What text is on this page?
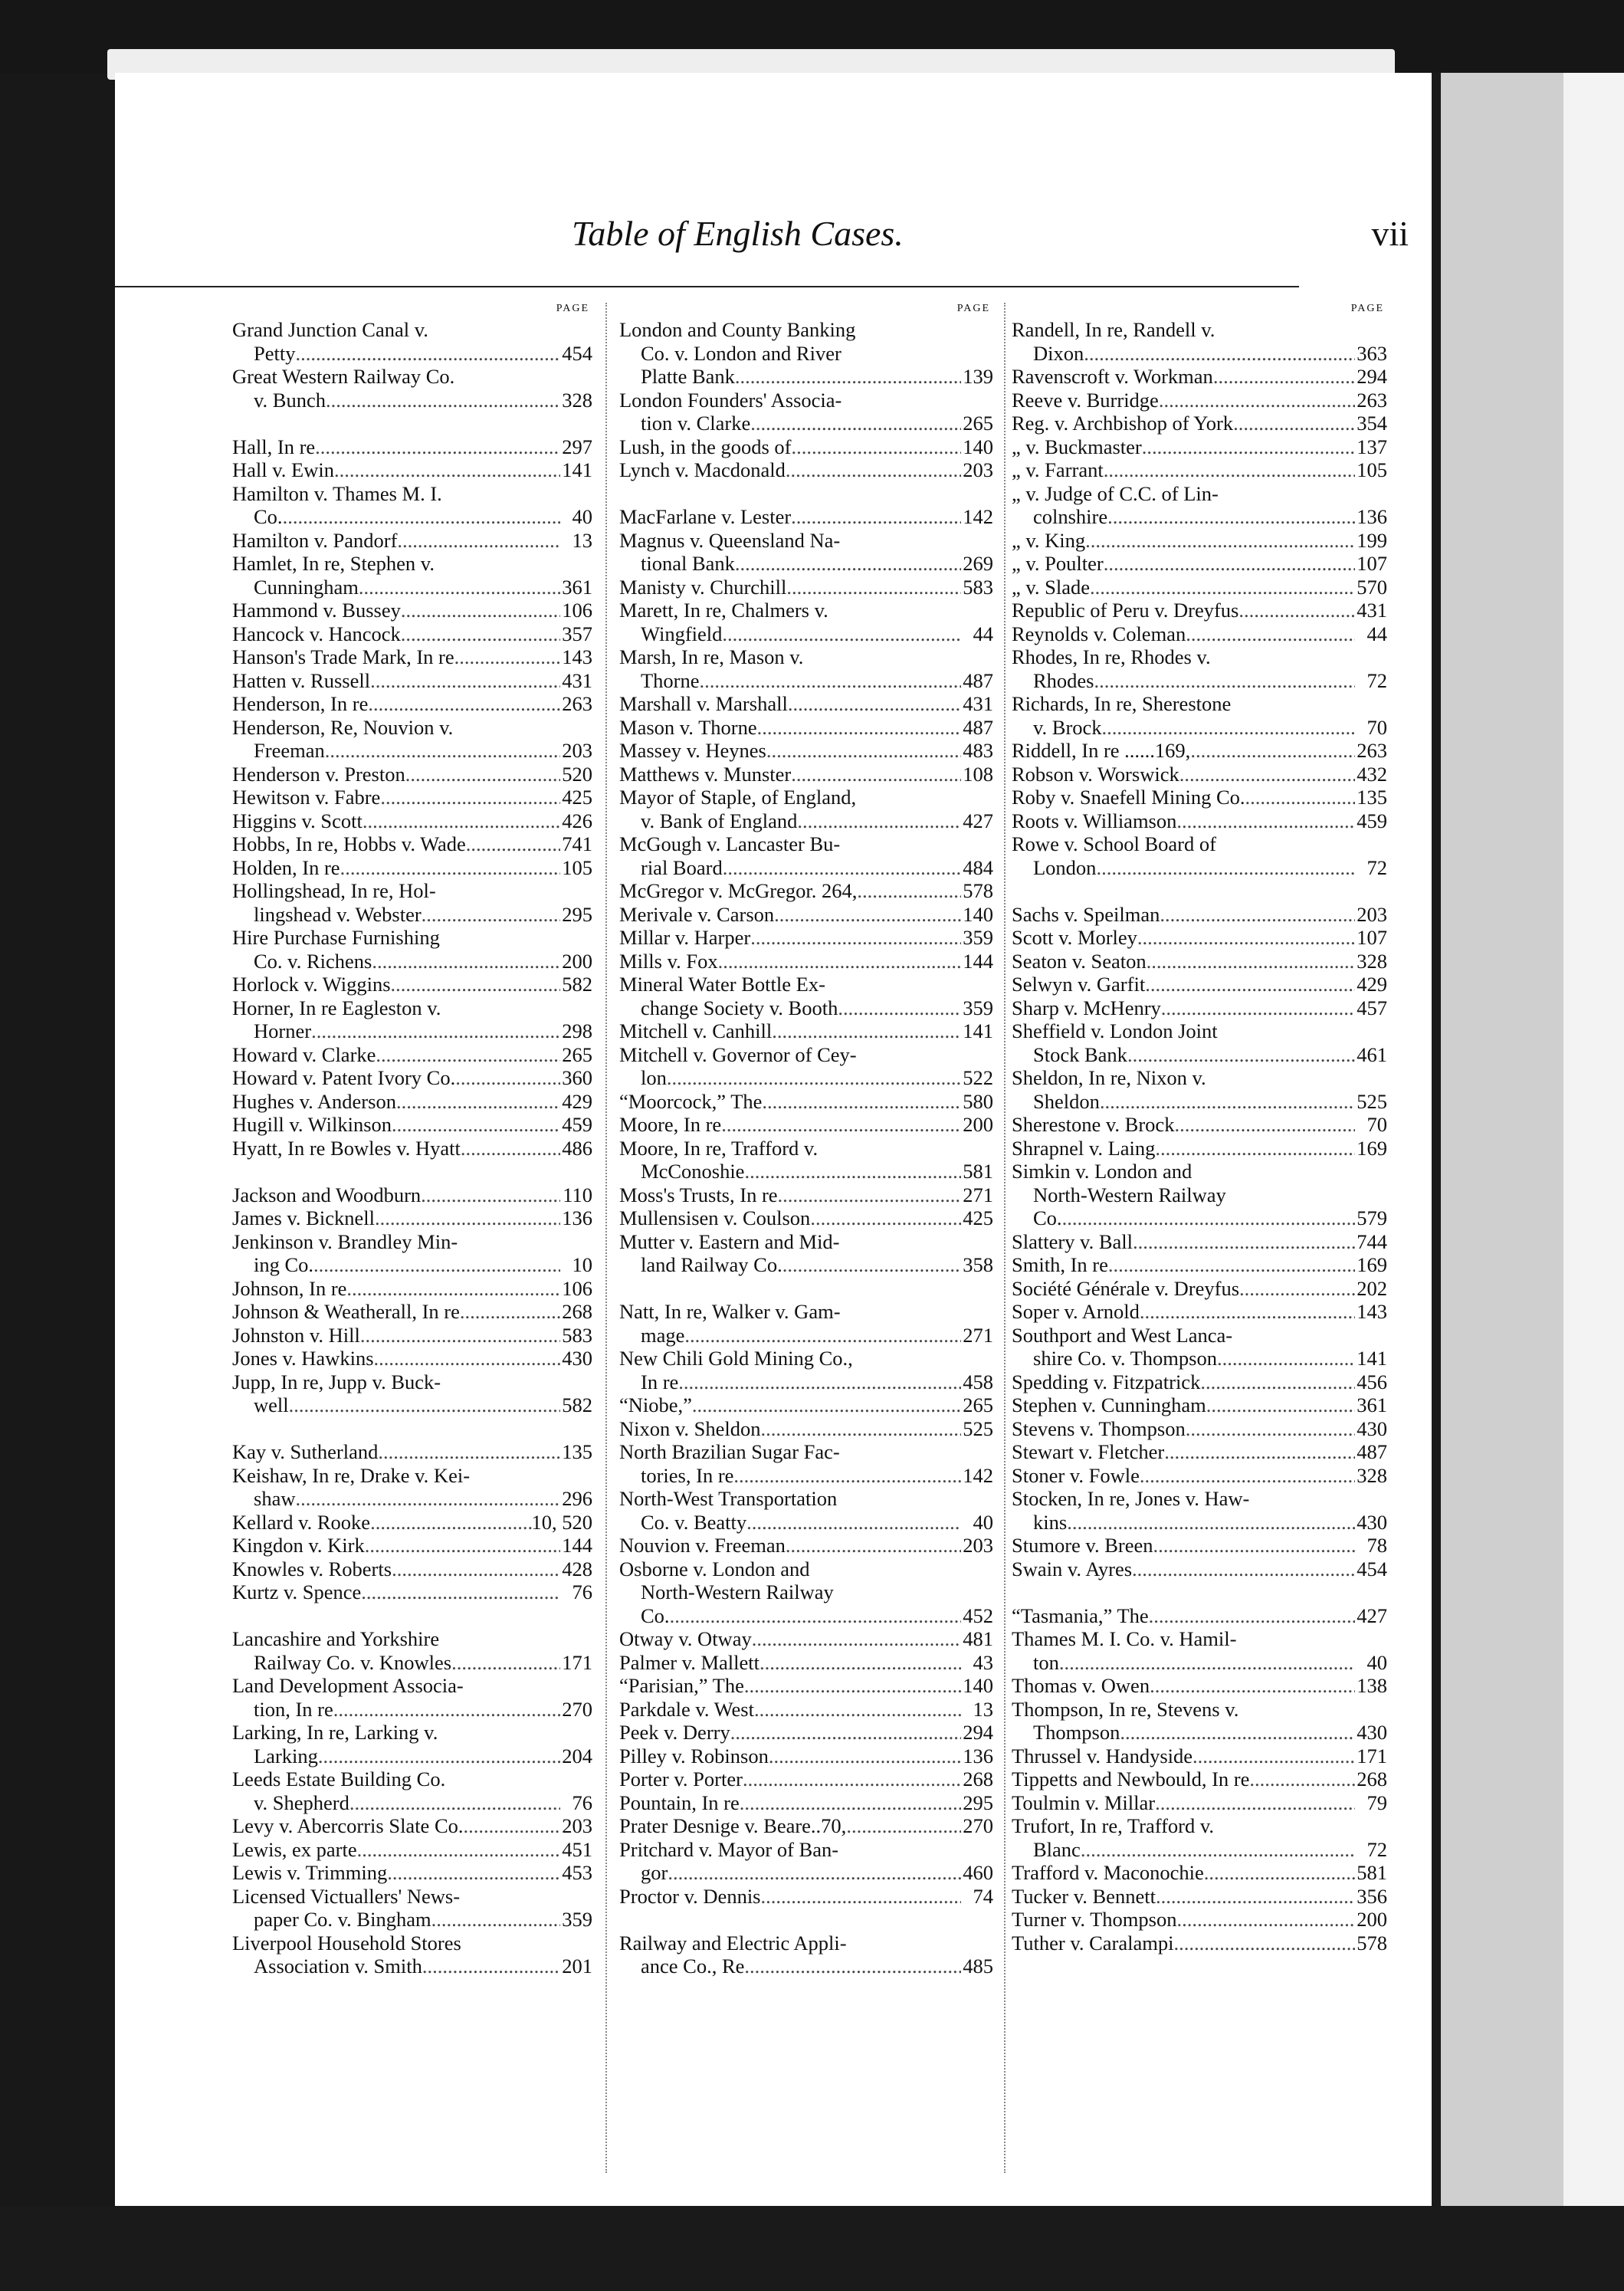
Table of English Cases.	vii
PAGE
Grand Junction Canal v.
Petty .....	454
Great Western Railway Co.
v. Bunch .....	328
Hall, In re .....	297
Hall v. Ewin .....	141
Hamilton v. Thames M. I.
Co. .....	40
Hamilton v. Pandorf .....	13
Hamlet, In re, Stephen v.
Cunningham .....	361
Hammond v. Bussey .....	106
Hancock v. Hancock .....	357
Hanson's Trade Mark, In re .....	143
Hatten v. Russell .....	431
Henderson, In re .....	263
Henderson, Re, Nouvion v.
Freeman .....	203
Henderson v. Preston .....	520
Hewitson v. Fabre .....	425
Higgins v. Scott .....	426
Hobbs, In re, Hobbs v. Wade .....	741
Holden, In re .....	105
Hollingshead, In re, Hol-
lingshead v. Webster .....	295
Hire Purchase Furnishing
Co. v. Richens .....	200
Horlock v. Wiggins .....	582
Horner, In re Eagleston v.
Horner .....	298
Howard v. Clarke .....	265
Howard v. Patent Ivory Co. .....	360
Hughes v. Anderson .....	429
Hugill v. Wilkinson .....	459
Hyatt, In re Bowles v. Hyatt .....	486
Jackson and Woodburn .....	110
James v. Bicknell .....	136
Jenkinson v. Brandley Min-
ing Co. .....	10
Johnson, In re .....	106
Johnson & Weatherall, In re .....	268
Johnston v. Hill .....	583
Jones v. Hawkins .....	430
Jupp, In re, Jupp v. Buck-
well .....	582
Kay v. Sutherland .....	135
Keishaw, In re, Drake v. Kei-
shaw .....	296
Kellard v. Rooke .....	10, 520
Kingdon v. Kirk .....	144
Knowles v. Roberts .....	428
Kurtz v. Spence .....	76
Lancashire and Yorkshire
Railway Co. v. Knowles .....	171
Land Development Associa-
tion, In re .....	270
Larking, In re, Larking v.
Larking .....	204
Leeds Estate Building Co.
v. Shepherd .....	76
Levy v. Abercorris Slate Co. .....	203
Lewis, ex parte .....	451
Lewis v. Trimming .....	453
Licensed Victuallers' News-
paper Co. v. Bingham .....	359
Liverpool Household Stores
Association v. Smith .....	201
PAGE
London and County Banking
Co. v. London and River
Platte Bank .....	139
London Founders' Associa-
tion v. Clarke .....	265
Lush, in the goods of .....	140
Lynch v. Macdonald .....	203
MacFarlane v. Lester .....	142
Magnus v. Queensland Na-
tional Bank .....	269
Manisty v. Churchill .....	583
Marett, In re, Chalmers v.
Wingfield .....	44
Marsh, In re, Mason v.
Thorne .....	487
Marshall v. Marshall .....	431
Mason v. Thorne .....	487
Massey v. Heynes .....	483
Matthews v. Munster .....	108
Mayor of Staple, of England,
v. Bank of England .....	427
McGough v. Lancaster Bu-
rial Board .....	484
McGregor v. McGregor. 264, .....	578
Merivale v. Carson .....	140
Millar v. Harper .....	359
Mills v. Fox .....	144
Mineral Water Bottle Ex-
change Society v. Booth .....	359
Mitchell v. Canhill .....	141
Mitchell v. Governor of Cey-
lon .....	522
“Moorcock,” The .....	580
Moore, In re .....	200
Moore, In re, Trafford v.
McConoshie .....	581
Moss's Trusts, In re .....	271
Mullensisen v. Coulson .....	425
Mutter v. Eastern and Mid-
land Railway Co. .....	358
Natt, In re, Walker v. Gam-
mage .....	271
New Chili Gold Mining Co.,
In re .....	458
“Niobe,” .....	265
Nixon v. Sheldon .....	525
North Brazilian Sugar Fac-
tories, In re .....	142
North-West Transportation
Co. v. Beatty .....	40
Nouvion v. Freeman .....	203
Osborne v. London and
North-Western Railway
Co. .....	452
Otway v. Otway .....	481
Palmer v. Mallett .....	43
“Parisian,” The .....	140
Parkdale v. West .....	13
Peek v. Derry .....	294
Pilley v. Robinson .....	136
Porter v. Porter .....	268
Pountain, In re .....	295
Prater Desnige v. Beare..70, .....	270
Pritchard v. Mayor of Ban-
gor .....	460
Proctor v. Dennis .....	74
Railway and Electric Appli-
ance Co., Re .....	485
PAGE
Randell, In re, Randell v.
Dixon .....	363
Ravenscroft v. Workman .....	294
Reeve v. Burridge .....	263
Reg. v. Archbishop of York .....	354
„ v. Buckmaster .....	137
„ v. Farrant .....	105
„ v. Judge of C.C. of Lin-
colnshire .....	136
„ v. King .....	199
„ v. Poulter .....	107
„ v. Slade .....	570
Republic of Peru v. Dreyfus .....	431
Reynolds v. Coleman .....	44
Rhodes, In re, Rhodes v.
Rhodes .....	72
Richards, In re, Sherestone
v. Brock .....	70
Riddell, In re ......169, .....	263
Robson v. Worswick .....	432
Roby v. Snaefell Mining Co. .....	135
Roots v. Williamson .....	459
Rowe v. School Board of
London .....	72
Sachs v. Speilman .....	203
Scott v. Morley .....	107
Seaton v. Seaton .....	328
Selwyn v. Garfit .....	429
Sharp v. McHenry .....	457
Sheffield v. London Joint
Stock Bank .....	461
Sheldon, In re, Nixon v.
Sheldon .....	525
Sherestone v. Brock .....	70
Shrapnel v. Laing .....	169
Simkin v. London and
North-Western Railway
Co. .....	579
Slattery v. Ball .....	744
Smith, In re .....	169
Société Générale v. Dreyfus .....	202
Soper v. Arnold .....	143
Southport and West Lanca-
shire Co. v. Thompson .....	141
Spedding v. Fitzpatrick .....	456
Stephen v. Cunningham .....	361
Stevens v. Thompson .....	430
Stewart v. Fletcher .....	487
Stoner v. Fowle .....	328
Stocken, In re, Jones v. Haw-
kins .....	430
Stumore v. Breen .....	78
Swain v. Ayres .....	454
“Tasmania,” The .....	427
Thames M. I. Co. v. Hamil-
ton .....	40
Thomas v. Owen .....	138
Thompson, In re, Stevens v.
Thompson .....	430
Thrussel v. Handyside .....	171
Tippetts and Newbould, In re .....	268
Toulmin v. Millar .....	79
Trufort, In re, Trafford v.
Blanc .....	72
Trafford v. Maconochie .....	581
Tucker v. Bennett .....	356
Turner v. Thompson .....	200
Tuther v. Caralampi .....	578
